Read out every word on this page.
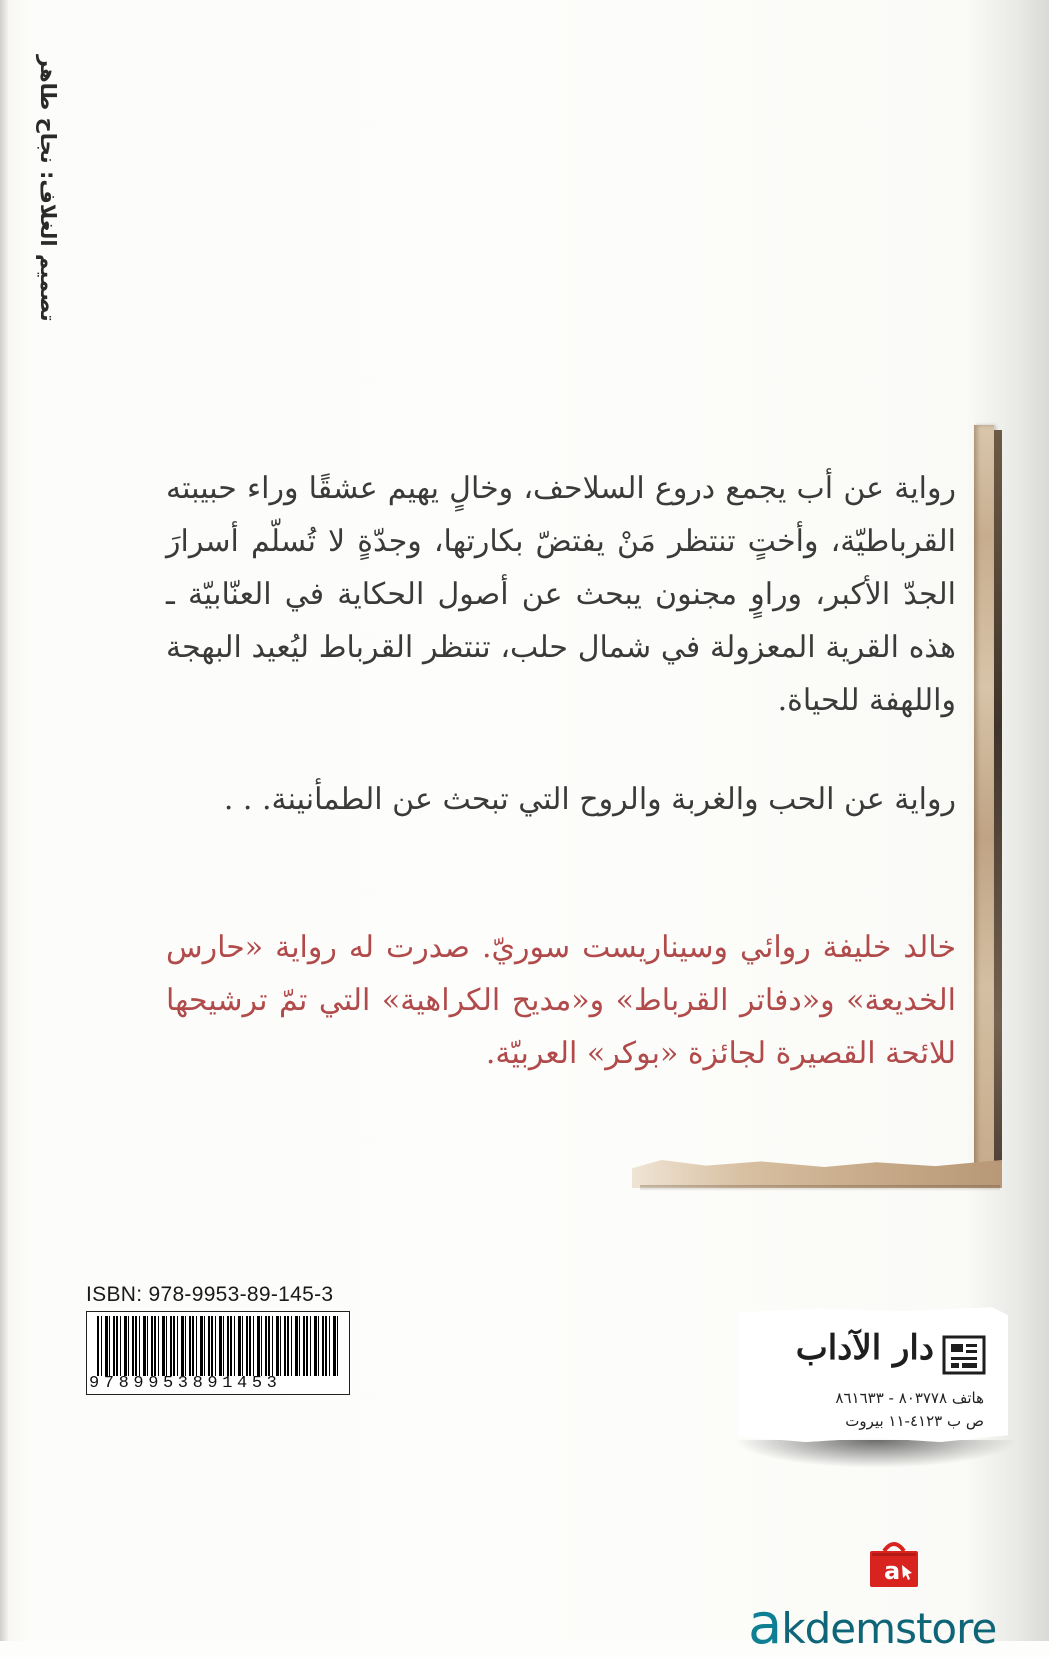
تصميم الغلاف: نجاح طاهر

رواية عن أب يجمع دروع السلاحف، وخالٍ يهيم عشقًا وراء حبيبته القرباطيّة، وأختٍ تنتظر مَنْ يفتضّ بكارتها، وجدّةٍ لا تُسلّم أسرارَ الجدّ الأكبر، وراوٍ مجنون يبحث عن أصول الحكاية في العنّابيّة ـ هذه القرية المعزولة في شمال حلب، تنتظر القرباط ليُعيد البهجة واللهفة للحياة.

رواية عن الحب والغربة والروح التي تبحث عن الطمأنينة. . .

خالد خليفة روائي وسيناريست سوريّ. صدرت له رواية «حارس الخديعة» و«دفاتر القرباط» و«مديح الكراهية» التي تمّ ترشيحها للائحة القصيرة لجائزة «بوكر» العربيّة.

ISBN: 978-9953-89-145-3
9789953891453
دار الآداب
هاتف ٨٠٣٧٧٨ - ٨٦١٦٣٣
ص ب ٤١٢٣-١١ بيروت
a
akdemstore
